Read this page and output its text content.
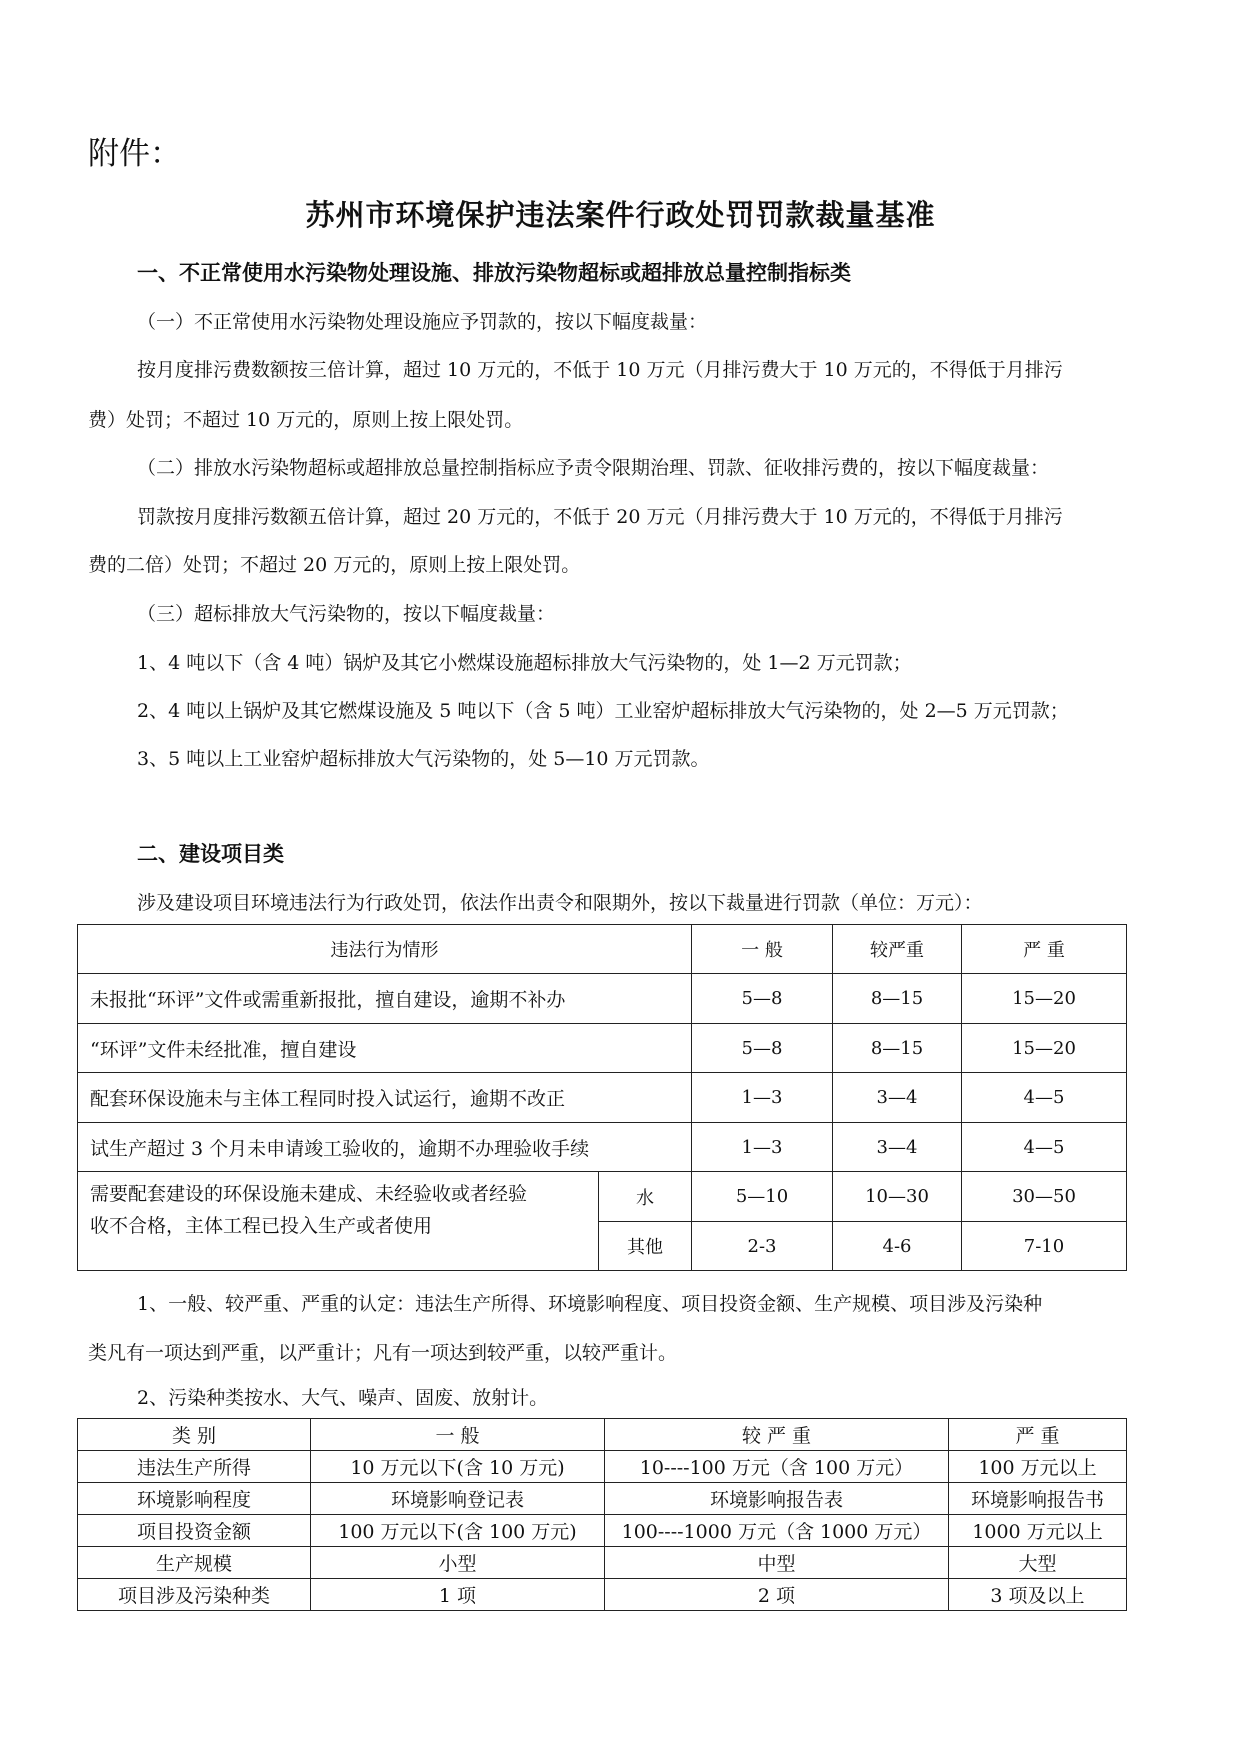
附件：
苏州市环境保护违法案件行政处罚罚款裁量基准
一、不正常使用水污染物处理设施、排放污染物超标或超排放总量控制指标类
（一）不正常使用水污染物处理设施应予罚款的，按以下幅度裁量：
按月度排污费数额按三倍计算，超过 10 万元的，不低于 10 万元（月排污费大于 10 万元的，不得低于月排污
费）处罚；不超过 10 万元的，原则上按上限处罚。
（二）排放水污染物超标或超排放总量控制指标应予责令限期治理、罚款、征收排污费的，按以下幅度裁量：
罚款按月度排污数额五倍计算，超过 20 万元的，不低于 20 万元（月排污费大于 10 万元的，不得低于月排污
费的二倍）处罚；不超过 20 万元的，原则上按上限处罚。
（三）超标排放大气污染物的，按以下幅度裁量：
1、4 吨以下（含 4 吨）锅炉及其它小燃煤设施超标排放大气污染物的，处 1—2 万元罚款；
2、4 吨以上锅炉及其它燃煤设施及 5 吨以下（含 5 吨）工业窑炉超标排放大气污染物的，处 2—5 万元罚款；
3、5 吨以上工业窑炉超标排放大气污染物的，处 5—10 万元罚款。
二、建设项目类
涉及建设项目环境违法行为行政处罚，依法作出责令和限期外，按以下裁量进行罚款（单位：万元）：
违法行为情形		一 般	较严重	严 重
未报批“环评”文件或需重新报批，擅自建设，逾期不补办		5—8	8—15	15—20
“环评”文件未经批准，擅自建设		5—8	8—15	15—20
配套环保设施未与主体工程同时投入试运行，逾期不改正		1—3	3—4	4—5
试生产超过 3 个月未申请竣工验收的，逾期不办理验收手续		1—3	3—4	4—5

需要配套建设的环保设施未建成、未经验收或者经验
收不合格，主体工程已投入生产或者使用	水	5—10	10—30	30—50
	其他	2-3	4-6	7-10
1、一般、较严重、严重的认定：违法生产所得、环境影响程度、项目投资金额、生产规模、项目涉及污染种
类凡有一项达到严重，以严重计；凡有一项达到较严重，以较严重计。
2、污染种类按水、大气、噪声、固废、放射计。
类 别	一 般	较 严 重	严 重
违法生产所得	10 万元以下(含 10 万元)	10----100 万元（含 100 万元）	100 万元以上
环境影响程度	环境影响登记表	环境影响报告表	环境影响报告书
项目投资金额	100 万元以下(含 100 万元)	100----1000 万元（含 1000 万元）	1000 万元以上
生产规模	小型	中型	大型
项目涉及污染种类	1 项	2 项	3 项及以上
